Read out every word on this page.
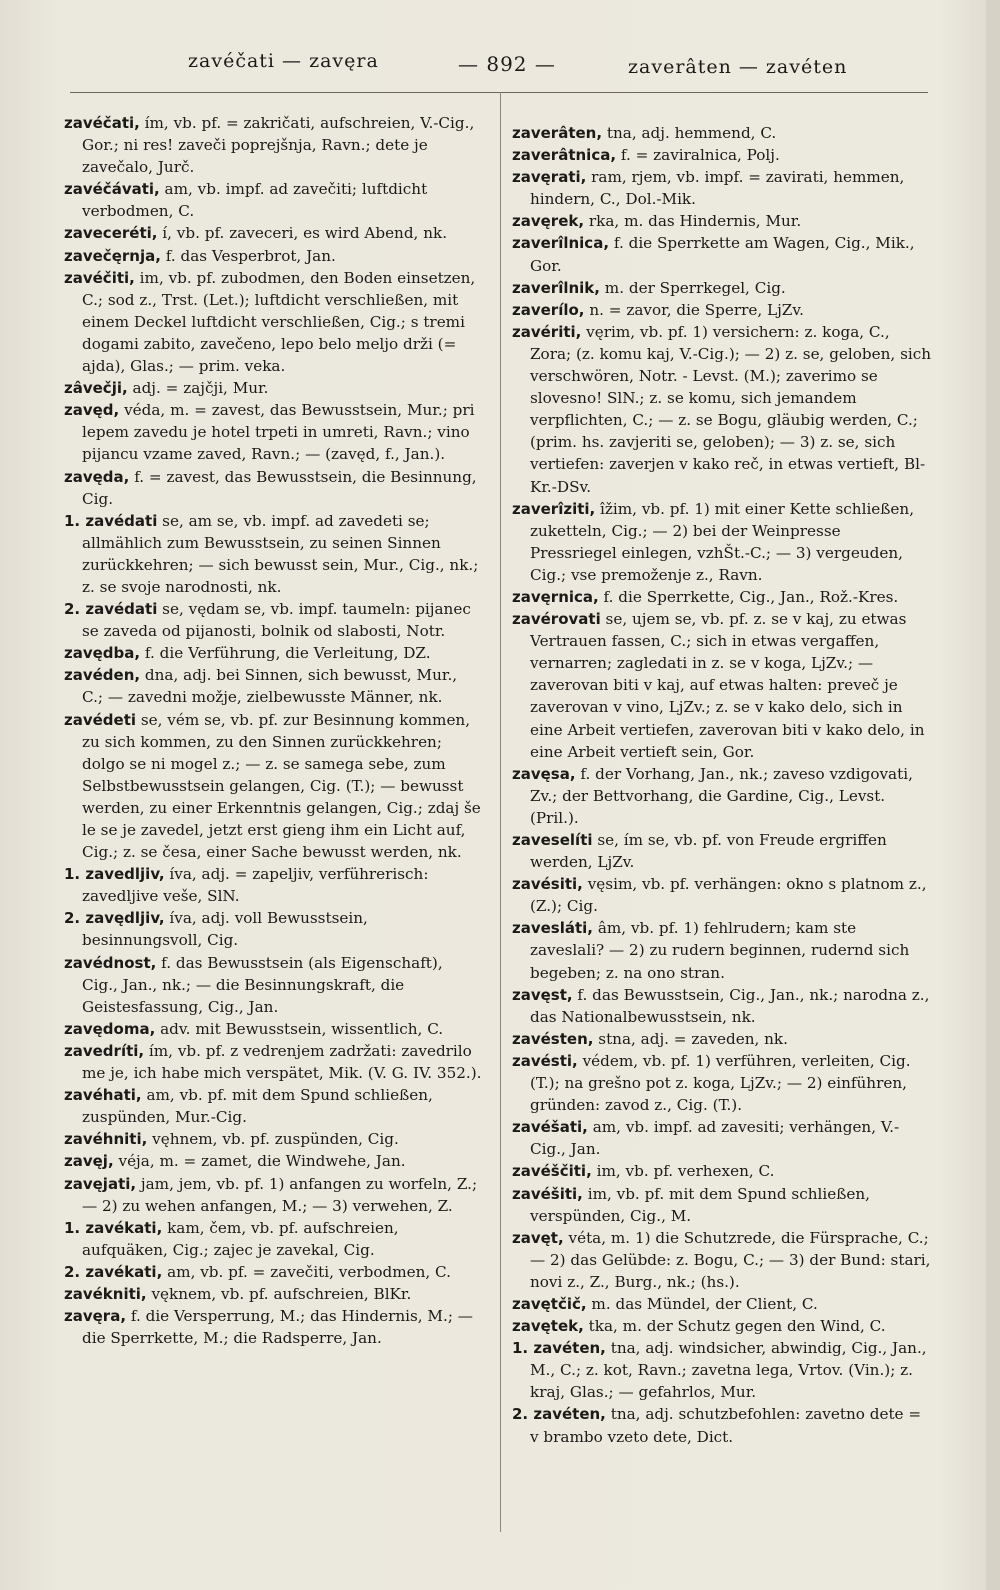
zavéčati — zavęra	— 892 —	zaverâten — zavéten
zavéčati, ím, vb. pf. = zakričati, aufschreien, V.-Cig., Gor.; ni res! zaveči poprejšnja, Ravn.; dete je zavečalo, Jurč.
zavéčávati, am, vb. impf. ad zavečiti; luftdicht verbodmen, C.
zaveceréti, í, vb. pf. zaveceri, es wird Abend, nk.
zavečęrnja, f. das Vesperbrot, Jan.
zavéčiti, im, vb. pf. zubodmen, den Boden einsetzen, C.; sod z., Trst. (Let.); luftdicht verschließen, mit einem Deckel luftdicht verschließen, Cig.; s tremi dogami zabito, zavečeno, lepo belo meljo drži (= ajda), Glas.; — prim. veka.
zâvečji, adj. = zajčji, Mur.
zavęd, véda, m. = zavest, das Bewusstsein, Mur.; pri lepem zavedu je hotel trpeti in umreti, Ravn.; vino pijancu vzame zaved, Ravn.; — (zavęd, f., Jan.).
zavęda, f. = zavest, das Bewusstsein, die Besinnung, Cig.
1. zavédati se, am se, vb. impf. ad zavedeti se; allmählich zum Bewusstsein, zu seinen Sinnen zurückkehren; — sich bewusst sein, Mur., Cig., nk.; z. se svoje narodnosti, nk.
2. zavédati se, vędam se, vb. impf. taumeln: pijanec se zaveda od pijanosti, bolnik od slabosti, Notr.
zavędba, f. die Verführung, die Verleitung, DZ.
zavéden, dna, adj. bei Sinnen, sich bewusst, Mur., C.; — zavedni možje, zielbewusste Männer, nk.
zavédeti se, vém se, vb. pf. zur Besinnung kommen, zu sich kommen, zu den Sinnen zurückkehren; dolgo se ni mogel z.; — z. se samega sebe, zum Selbstbewusstsein gelangen, Cig. (T.); — bewusst werden, zu einer Erkenntnis gelangen, Cig.; zdaj še le se je zavedel, jetzt erst gieng ihm ein Licht auf, Cig.; z. se česa, einer Sache bewusst werden, nk.
1. zavedljiv, íva, adj. = zapeljiv, verführerisch: zavedljive veše, SlN.
2. zavędljiv, íva, adj. voll Bewusstsein, besinnungsvoll, Cig.
zavédnost, f. das Bewusstsein (als Eigenschaft), Cig., Jan., nk.; — die Besinnungskraft, die Geistesfassung, Cig., Jan.
zavędoma, adv. mit Bewusstsein, wissentlich, C.
zavedríti, ím, vb. pf. z vedrenjem zadržati: zavedrilo me je, ich habe mich verspätet, Mik. (V. G. IV. 352.).
zavéhati, am, vb. pf. mit dem Spund schließen, zuspünden, Mur.-Cig.
zavéhniti, vęhnem, vb. pf. zuspünden, Cig.
zavęj, véja, m. = zamet, die Windwehe, Jan.
zavęjati, jam, jem, vb. pf. 1) anfangen zu worfeln, Z.; — 2) zu wehen anfangen, M.; — 3) verwehen, Z.
1. zavékati, kam, čem, vb. pf. aufschreien, aufquäken, Cig.; zajec je zavekal, Cig.
2. zavékati, am, vb. pf. = zavečiti, verbodmen, C.
zavékniti, vęknem, vb. pf. aufschreien, BlKr.
zavęra, f. die Versperrung, M.; das Hindernis, M.; — die Sperrkette, M.; die Radsperre, Jan.
zaverâten, tna, adj. hemmend, C.
zaverâtnica, f. = zaviralnica, Polj.
zavęrati, ram, rjem, vb. impf. = zavirati, hemmen, hindern, C., Dol.-Mik.
zavęrek, rka, m. das Hindernis, Mur.
zaverîlnica, f. die Sperrkette am Wagen, Cig., Mik., Gor.
zaverîlnik, m. der Sperrkegel, Cig.
zaverílo, n. = zavor, die Sperre, LjZv.
zavériti, vęrim, vb. pf. 1) versichern: z. koga, C., Zora; (z. komu kaj, V.-Cig.); — 2) z. se, geloben, sich verschwören, Notr. - Levst. (M.); zaverimo se slovesno! SlN.; z. se komu, sich jemandem verpflichten, C.; — z. se Bogu, gläubig werden, C.; (prim. hs. zavjeriti se, geloben); — 3) z. se, sich vertiefen: zaverjen v kako reč, in etwas vertieft, Bl-Kr.-DSv.
zaverîziti, îžim, vb. pf. 1) mit einer Kette schließen, zuketteln, Cig.; — 2) bei der Weinpresse Pressriegel einlegen, vzhŠt.-C.; — 3) vergeuden, Cig.; vse premoženje z., Ravn.
zavęrnica, f. die Sperrkette, Cig., Jan., Rož.-Kres.
zavérovati se, ujem se, vb. pf. z. se v kaj, zu etwas Vertrauen fassen, C.; sich in etwas vergaffen, vernarren; zagledati in z. se v koga, LjZv.; — zaverovan biti v kaj, auf etwas halten: preveč je zaverovan v vino, LjZv.; z. se v kako delo, sich in eine Arbeit vertiefen, zaverovan biti v kako delo, in eine Arbeit vertieft sein, Gor.
zavęsa, f. der Vorhang, Jan., nk.; zaveso vzdigovati, Zv.; der Bettvorhang, die Gardine, Cig., Levst. (Pril.).
zaveselíti se, ím se, vb. pf. von Freude ergriffen werden, LjZv.
zavésiti, vęsim, vb. pf. verhängen: okno s platnom z., (Z.); Cig.
zavesláti, âm, vb. pf. 1) fehlrudern; kam ste zaveslali? — 2) zu rudern beginnen, rudernd sich begeben; z. na ono stran.
zavęst, f. das Bewusstsein, Cig., Jan., nk.; narodna z., das Nationalbewusstsein, nk.
zavésten, stna, adj. = zaveden, nk.
zavésti, védem, vb. pf. 1) verführen, verleiten, Cig. (T.); na grešno pot z. koga, LjZv.; — 2) einführen, gründen: zavod z., Cig. (T.).
zavéšati, am, vb. impf. ad zavesiti; verhängen, V.-Cig., Jan.
zavéščiti, im, vb. pf. verhexen, C.
zavéšiti, im, vb. pf. mit dem Spund schließen, verspünden, Cig., M.
zavęt, véta, m. 1) die Schutzrede, die Fürsprache, C.; — 2) das Gelübde: z. Bogu, C.; — 3) der Bund: stari, novi z., Z., Burg., nk.; (hs.).
zavętčič, m. das Mündel, der Client, C.
zavętek, tka, m. der Schutz gegen den Wind, C.
1. zavéten, tna, adj. windsicher, abwindig, Cig., Jan., M., C.; z. kot, Ravn.; zavetna lega, Vrtov. (Vin.); z. kraj, Glas.; — gefahrlos, Mur.
2. zavéten, tna, adj. schutzbefohlen: zavetno dete = v brambo vzeto dete, Dict.
